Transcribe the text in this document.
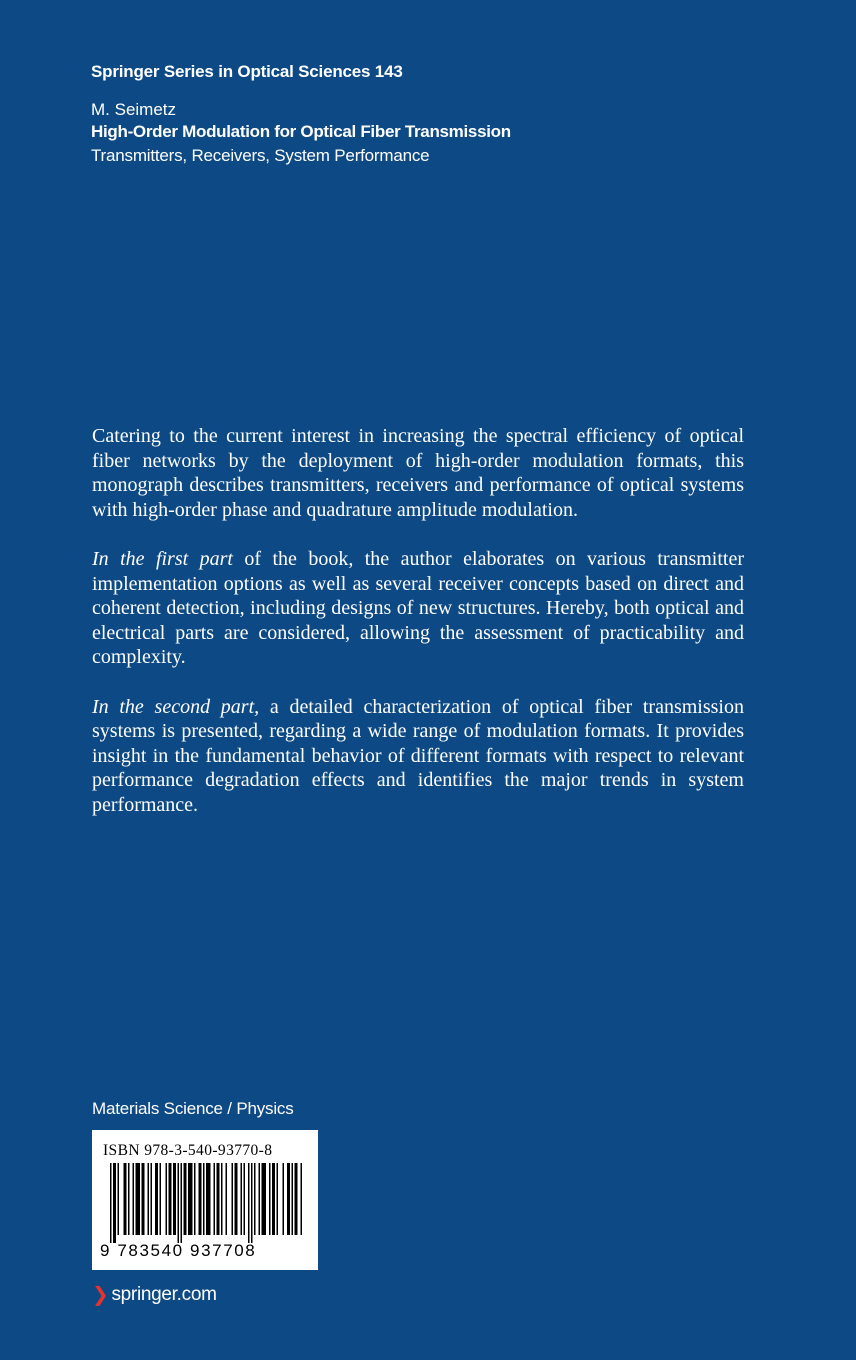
Springer Series in Optical Sciences 143
M. Seimetz
High-Order Modulation for Optical Fiber Transmission
Transmitters, Receivers, System Performance

Catering to the current interest in increasing the spectral efficiency of optical fiber networks by the deployment of high-order modulation formats, this monograph describes transmitters, receivers and performance of optical systems with high-order phase and quadrature amplitude modulation.

In the first part of the book, the author elaborates on various transmitter implementation options as well as several receiver concepts based on direct and coherent detection, including designs of new structures. Hereby, both optical and electrical parts are considered, allowing the assessment of practicability and complexity.

In the second part, a detailed characterization of optical fiber transmission systems is presented, regarding a wide range of modulation formats. It provides insight in the fundamental behavior of different formats with respect to relevant performance degradation effects and identifies the major trends in system performance.

Materials Science / Physics
ISBN 978-3-540-93770-8
9 783540 937708
❯ springer.com
